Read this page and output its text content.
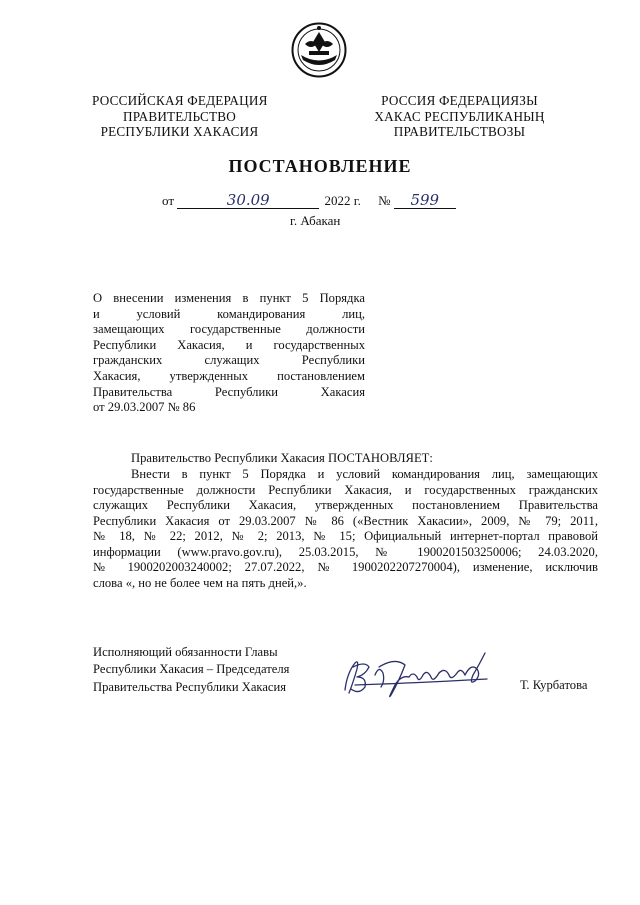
РОССИЙСКАЯ ФЕДЕРАЦИЯ
ПРАВИТЕЛЬСТВО
РЕСПУБЛИКИ ХАКАСИЯ
РОССИЯ ФЕДЕРАЦИЯЗЫ
ХАКАС РЕСПУБЛИКАНЫҢ
ПРАВИТЕЛЬСТВОЗЫ
ПОСТАНОВЛЕНИЕ
от	30.09	2022 г. № 599
г. Абакан
О внесении изменения в пункт 5 Порядка
и условий командирования лиц,
замещающих государственные должности
Республики Хакасия, и государственных
гражданских служащих Республики
Хакасия, утвержденных постановлением
Правительства Республики Хакасия
от 29.03.2007 № 86
Правительство Республики Хакасия ПОСТАНОВЛЯЕТ:
Внести в пункт 5 Порядка и условий командирования лиц, замещающих
государственные должности Республики Хакасия, и государственных гражданских
служащих Республики Хакасия, утвержденных постановлением Правительства
Республики Хакасия от 29.03.2007 № 86 («Вестник Хакасии», 2009, № 79; 2011,
№ 18, № 22; 2012, № 2; 2013, № 15; Официальный интернет-портал правовой
информации (www.pravo.gov.ru), 25.03.2015, № 1900201503250006; 24.03.2020,
№ 1900202003240002; 27.07.2022, № 1900202207270004), изменение, исключив
слова «, но не более чем на пять дней,».
Исполняющий обязанности Главы
Республики Хакасия – Председателя
Правительства Республики Хакасия	Т. Курбатова
